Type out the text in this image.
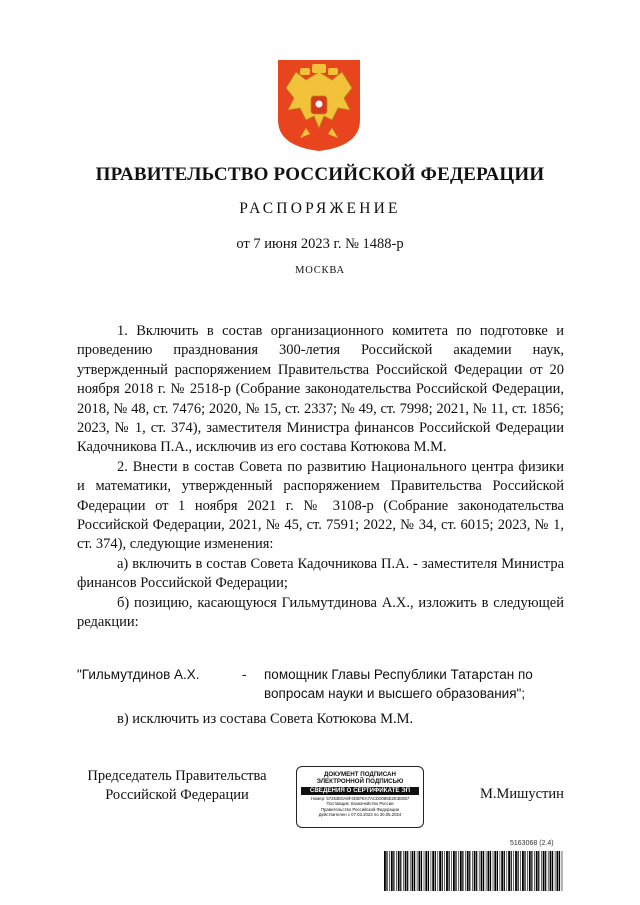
ПРАВИТЕЛЬСТВО РОССИЙСКОЙ ФЕДЕРАЦИИ
РАСПОРЯЖЕНИЕ
от 7 июня 2023 г. № 1488-р
МОСКВА

1. Включить в состав организационного комитета по подготовке и проведению празднования 300-летия Российской академии наук, утвержденный распоряжением Правительства Российской Федерации от 20 ноября 2018 г. № 2518-р (Собрание законодательства Российской Федерации, 2018, № 48, ст. 7476; 2020, № 15, ст. 2337; № 49, ст. 7998; 2021, № 11, ст. 1856; 2023, № 1, ст. 374), заместителя Министра финансов Российской Федерации Кадочникова П.А., исключив из его состава Котюкова М.М.

2. Внести в состав Совета по развитию Национального центра физики и математики, утвержденный распоряжением Правительства Российской Федерации от 1 ноября 2021 г. № 3108-р (Собрание законодательства Российской Федерации, 2021, № 45, ст. 7591; 2022, № 34, ст. 6015; 2023, № 1, ст. 374), следующие изменения:

а) включить в состав Совета Кадочникова П.А. - заместителя Министра финансов Российской Федерации;

б) позицию, касающуюся Гильмутдинова А.Х., изложить в следующей редакции:

"Гильмутдинов А.Х.	- помощник Главы Республики Татарстан по вопросам науки и высшего образования";
в) исключить из состава Совета Котюкова М.М.
Председатель Правительства
Российской Федерации
ДОКУМЕНТ ПОДПИСАН
ЭЛЕКТРОННОЙ ПОДПИСЬЮ
СВЕДЕНИЯ О СЕРТИФИКАТЕ ЭП
Номер: 57253E0A6F4D0FEA7ACD0085E2E3E857
Поставщик: Казначейство России
Правительство Российской Федерации
Действителен с 07.03.2023 по 30.05.2024
М.Мишустин
5163068 (2.4)
